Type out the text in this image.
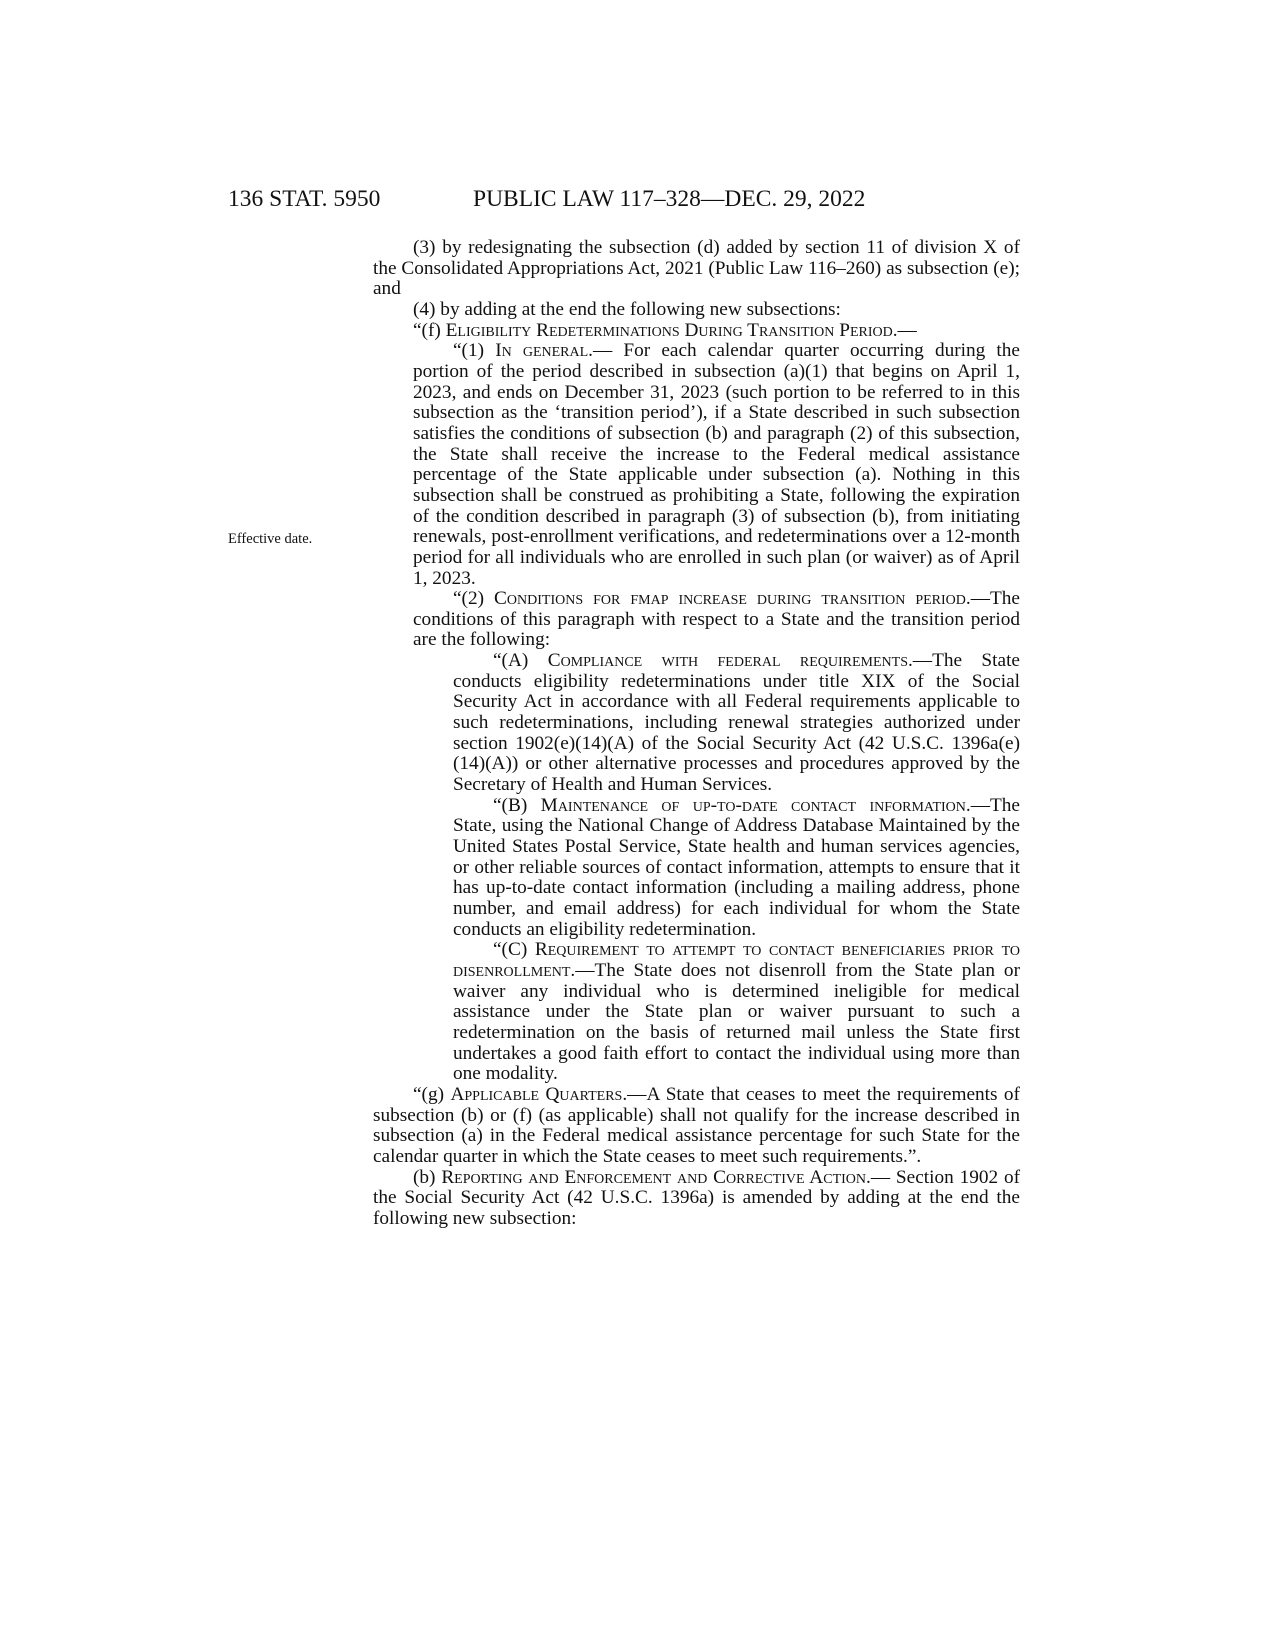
136 STAT. 5950	PUBLIC LAW 117–328—DEC. 29, 2022
Effective date.

(3) by redesignating the subsection (d) added by section 11 of division X of the Consolidated Appropriations Act, 2021 (Public Law 116–260) as subsection (e); and

(4) by adding at the end the following new subsections:

“(f) Eligibility Redeterminations During Transition Period.—

“(1) In general.— For each calendar quarter occurring during the portion of the period described in subsection (a)(1) that begins on April 1, 2023, and ends on December 31, 2023 (such portion to be referred to in this subsection as the ‘transition period’), if a State described in such subsection satisfies the conditions of subsection (b) and paragraph (2) of this subsection, the State shall receive the increase to the Federal medical assistance percentage of the State applicable under subsection (a). Nothing in this subsection shall be construed as prohibiting a State, following the expiration of the condition described in paragraph (3) of subsection (b), from initiating renewals, post-enrollment verifications, and redeterminations over a 12-month period for all individuals who are enrolled in such plan (or waiver) as of April 1, 2023.

“(2) Conditions for fmap increase during transition period.—The conditions of this paragraph with respect to a State and the transition period are the following:

“(A) Compliance with federal requirements.—The State conducts eligibility redeterminations under title XIX of the Social Security Act in accordance with all Federal requirements applicable to such redeterminations, including renewal strategies authorized under section 1902(e)(14)(A) of the Social Security Act (42 U.S.C. 1396a(e)(14)(A)) or other alternative processes and procedures approved by the Secretary of Health and Human Services.

“(B) Maintenance of up-to-date contact information.—The State, using the National Change of Address Database Maintained by the United States Postal Service, State health and human services agencies, or other reliable sources of contact information, attempts to ensure that it has up-to-date contact information (including a mailing address, phone number, and email address) for each individual for whom the State conducts an eligibility redetermination.

“(C) Requirement to attempt to contact beneficiaries prior to disenrollment.—The State does not disenroll from the State plan or waiver any individual who is determined ineligible for medical assistance under the State plan or waiver pursuant to such a redetermination on the basis of returned mail unless the State first undertakes a good faith effort to contact the individual using more than one modality.

“(g) Applicable Quarters.—A State that ceases to meet the requirements of subsection (b) or (f) (as applicable) shall not qualify for the increase described in subsection (a) in the Federal medical assistance percentage for such State for the calendar quarter in which the State ceases to meet such requirements.”.

(b) Reporting and Enforcement and Corrective Action.— Section 1902 of the Social Security Act (42 U.S.C. 1396a) is amended by adding at the end the following new subsection:
